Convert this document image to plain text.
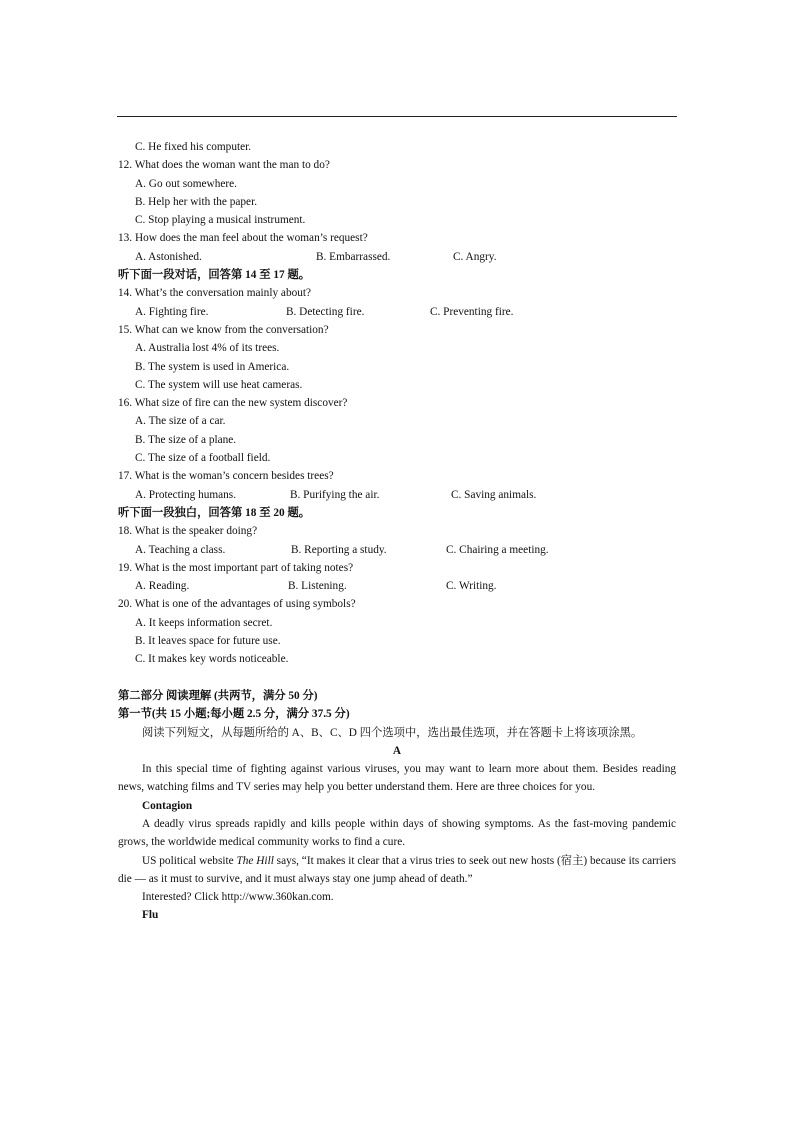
C. He fixed his computer.
12. What does the woman want the man to do?
A. Go out somewhere.
B. Help her with the paper.
C. Stop playing a musical instrument.
13. How does the man feel about the woman’s request?
A. Astonished.	B. Embarrassed.	C. Angry.
听下面一段对话，回答第 14 至 17 题。
14. What’s the conversation mainly about?
A. Fighting fire.	B. Detecting fire.	C. Preventing fire.
15. What can we know from the conversation?
A. Australia lost 4% of its trees.
B. The system is used in America.
C. The system will use heat cameras.
16. What size of fire can the new system discover?
A. The size of a car.
B. The size of a plane.
C. The size of a football field.
17. What is the woman’s concern besides trees?
A. Protecting humans.	B. Purifying the air.	C. Saving animals.
听下面一段独白，回答第 18 至 20 题。
18. What is the speaker doing?
A. Teaching a class.	B. Reporting a study.	C. Chairing a meeting.
19. What is the most important part of taking notes?
A. Reading.	B. Listening.	C. Writing.
20. What is one of the advantages of using symbols?
A. It keeps information secret.
B. It leaves space for future use.
C. It makes key words noticeable.
第二部分 阅读理解 (共两节，满分 50 分)
第一节(共 15 小题;每小题 2.5 分，满分 37.5 分)
阅读下列短文，从每题所给的 A、B、C、D 四个选项中，选出最佳选项，并在答题卡上将该项涂黑。
A
In this special time of fighting against various viruses, you may want to learn more about them. Besides reading news, watching films and TV series may help you better understand them. Here are three choices for you.
Contagion
A deadly virus spreads rapidly and kills people within days of showing symptoms. As the fast-moving pandemic grows, the worldwide medical community works to find a cure.
US political website The Hill says, “It makes it clear that a virus tries to seek out new hosts (宿主) because its carriers die — as it must to survive, and it must always stay one jump ahead of death.”
Interested? Click http://www.360kan.com.
Flu
